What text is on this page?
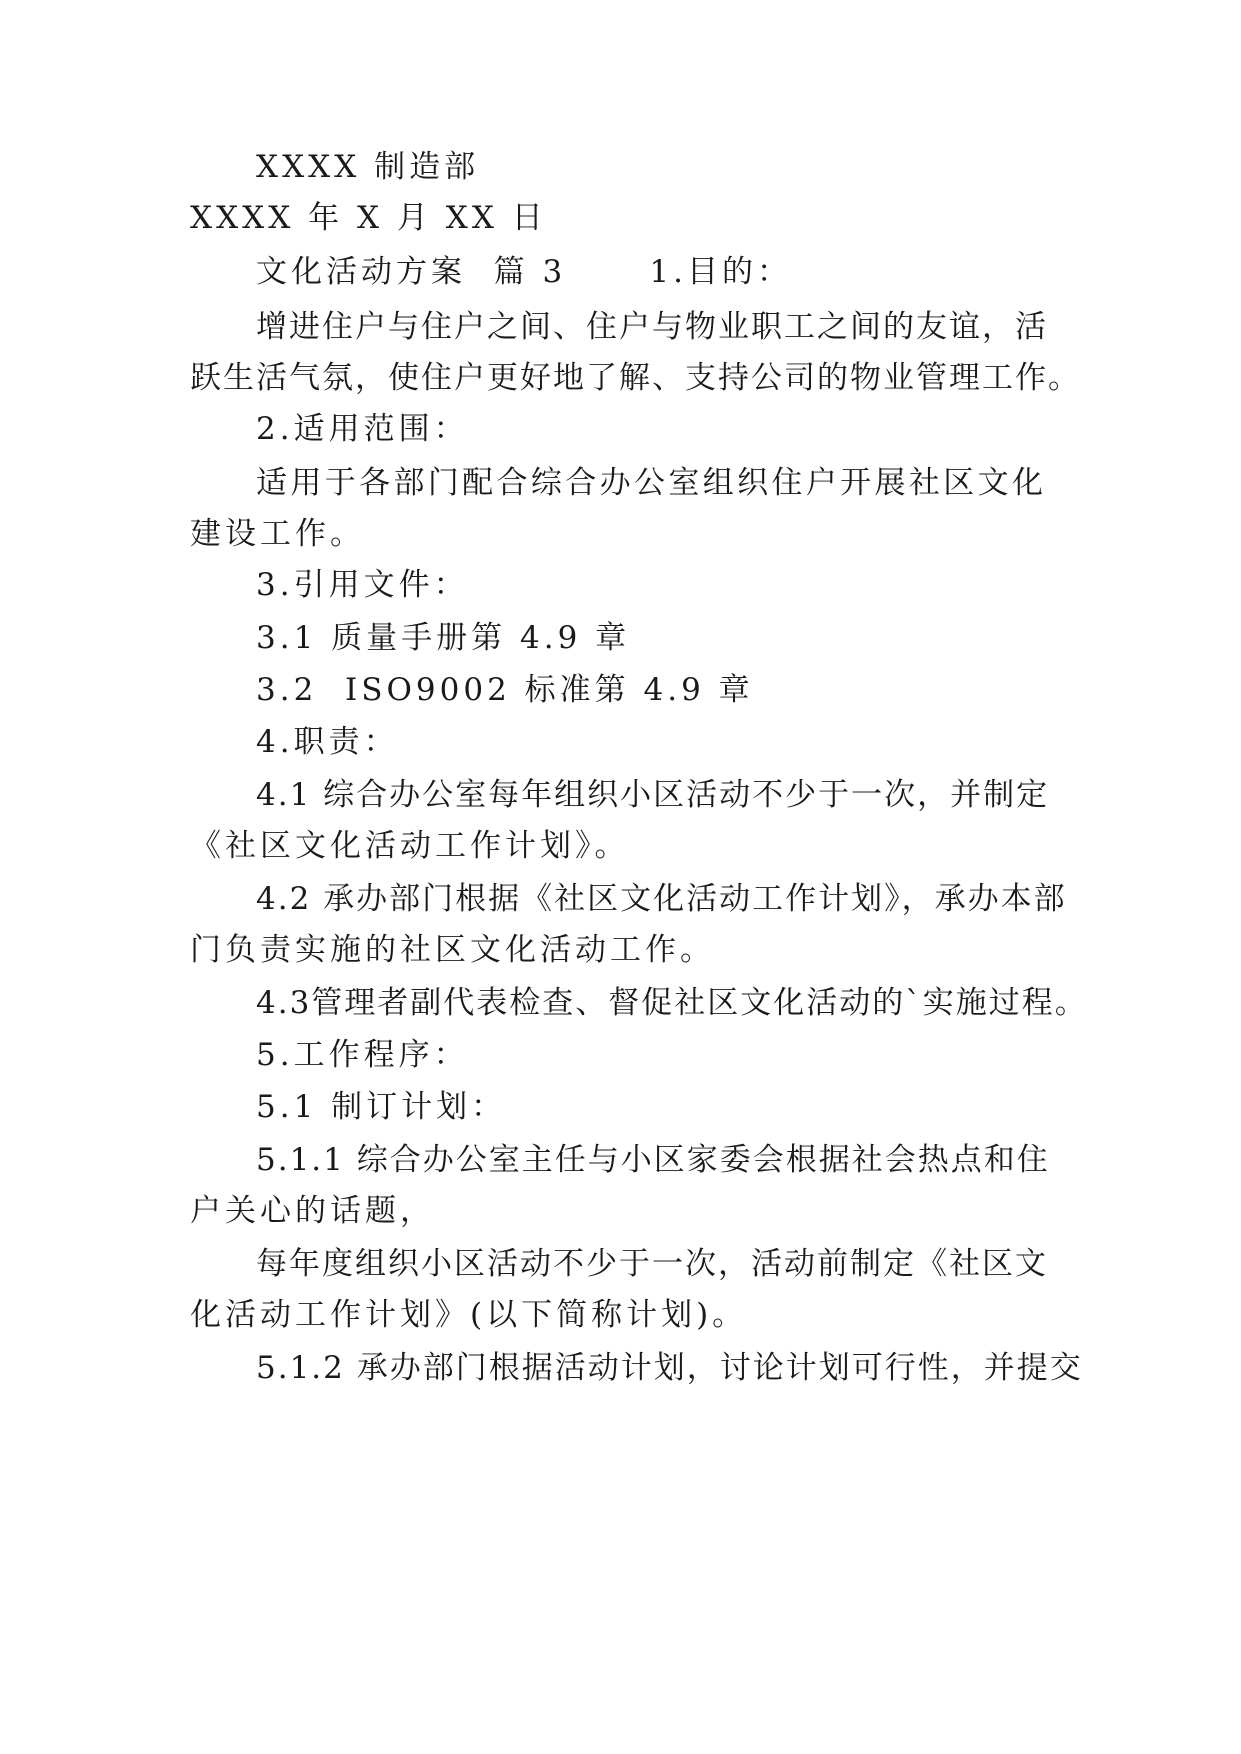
XXXX 制造部
XXXX 年 X 月 XX 日
文化活动方案  篇 3      1.目的：
增进住户与住户之间、住户与物业职工之间的友谊，活
跃生活气氛，使住户更好地了解、支持公司的物业管理工作。
2.适用范围：
适用于各部门配合综合办公室组织住户开展社区文化
建设工作。
3.引用文件：
3.1 质量手册第 4.9 章
3.2  ISO9002 标准第 4.9 章
4.职责：
4.1 综合办公室每年组织小区活动不少于一次，并制定
《社区文化活动工作计划》。
4.2 承办部门根据《社区文化活动工作计划》，承办本部
门负责实施的社区文化活动工作。
4.3管理者副代表检查、督促社区文化活动的`实施过程。
5.工作程序：
5.1 制订计划：
5.1.1 综合办公室主任与小区家委会根据社会热点和住
户关心的话题，
每年度组织小区活动不少于一次，活动前制定《社区文
化活动工作计划》(以下简称计划)。
5.1.2 承办部门根据活动计划，讨论计划可行性，并提交
